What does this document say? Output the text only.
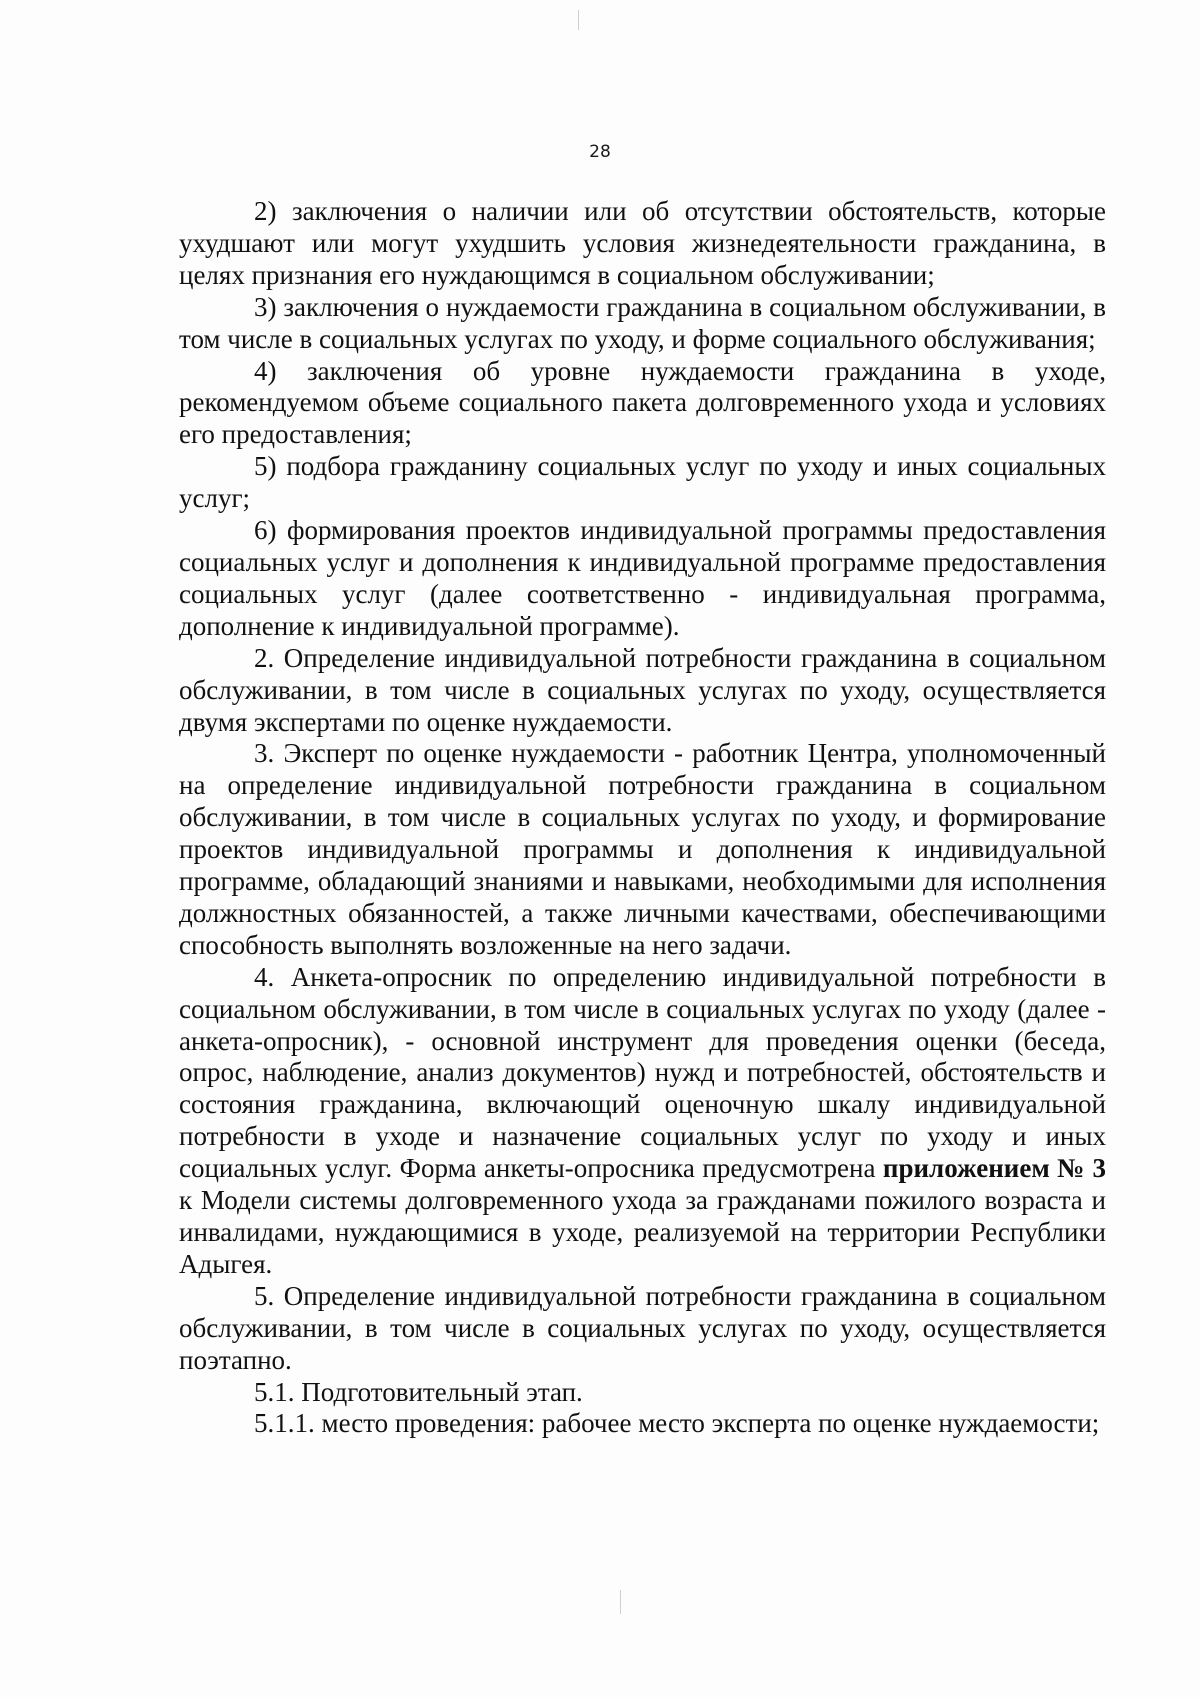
28

2) заключения о наличии или об отсутствии обстоятельств, которые ухудшают или могут ухудшить условия жизнедеятельности гражданина, в целях признания его нуждающимся в социальном обслуживании;

3) заключения о нуждаемости гражданина в социальном обслуживании, в том числе в социальных услугах по уходу, и форме социального обслуживания;

4) заключения об уровне нуждаемости гражданина в уходе, рекомендуемом объеме социального пакета долговременного ухода и условиях его предоставления;

5) подбора гражданину социальных услуг по уходу и иных социальных услуг;

6) формирования проектов индивидуальной программы предоставления социальных услуг и дополнения к индивидуальной программе предоставления социальных услуг (далее соответственно - индивидуальная программа, дополнение к индивидуальной программе).

2. Определение индивидуальной потребности гражданина в социальном обслуживании, в том числе в социальных услугах по уходу, осуществляется двумя экспертами по оценке нуждаемости.

3. Эксперт по оценке нуждаемости - работник Центра, уполномоченный на определение индивидуальной потребности гражданина в социальном обслуживании, в том числе в социальных услугах по уходу, и формирование проектов индивидуальной программы и дополнения к индивидуальной программе, обладающий знаниями и навыками, необходимыми для исполнения должностных обязанностей, а также личными качествами, обеспечивающими способность выполнять возложенные на него задачи.

4. Анкета-опросник по определению индивидуальной потребности в социальном обслуживании, в том числе в социальных услугах по уходу (далее - анкета-опросник), - основной инструмент для проведения оценки (беседа, опрос, наблюдение, анализ документов) нужд и потребностей, обстоятельств и состояния гражданина, включающий оценочную шкалу индивидуальной потребности в уходе и назначение социальных услуг по уходу и иных социальных услуг. Форма анкеты-опросника предусмотрена приложением № 3 к Модели системы долговременного ухода за гражданами пожилого возраста и инвалидами, нуждающимися в уходе, реализуемой на территории Республики Адыгея.

5. Определение индивидуальной потребности гражданина в социальном обслуживании, в том числе в социальных услугах по уходу, осуществляется поэтапно.

5.1. Подготовительный этап.

5.1.1. место проведения: рабочее место эксперта по оценке нуждаемости;
